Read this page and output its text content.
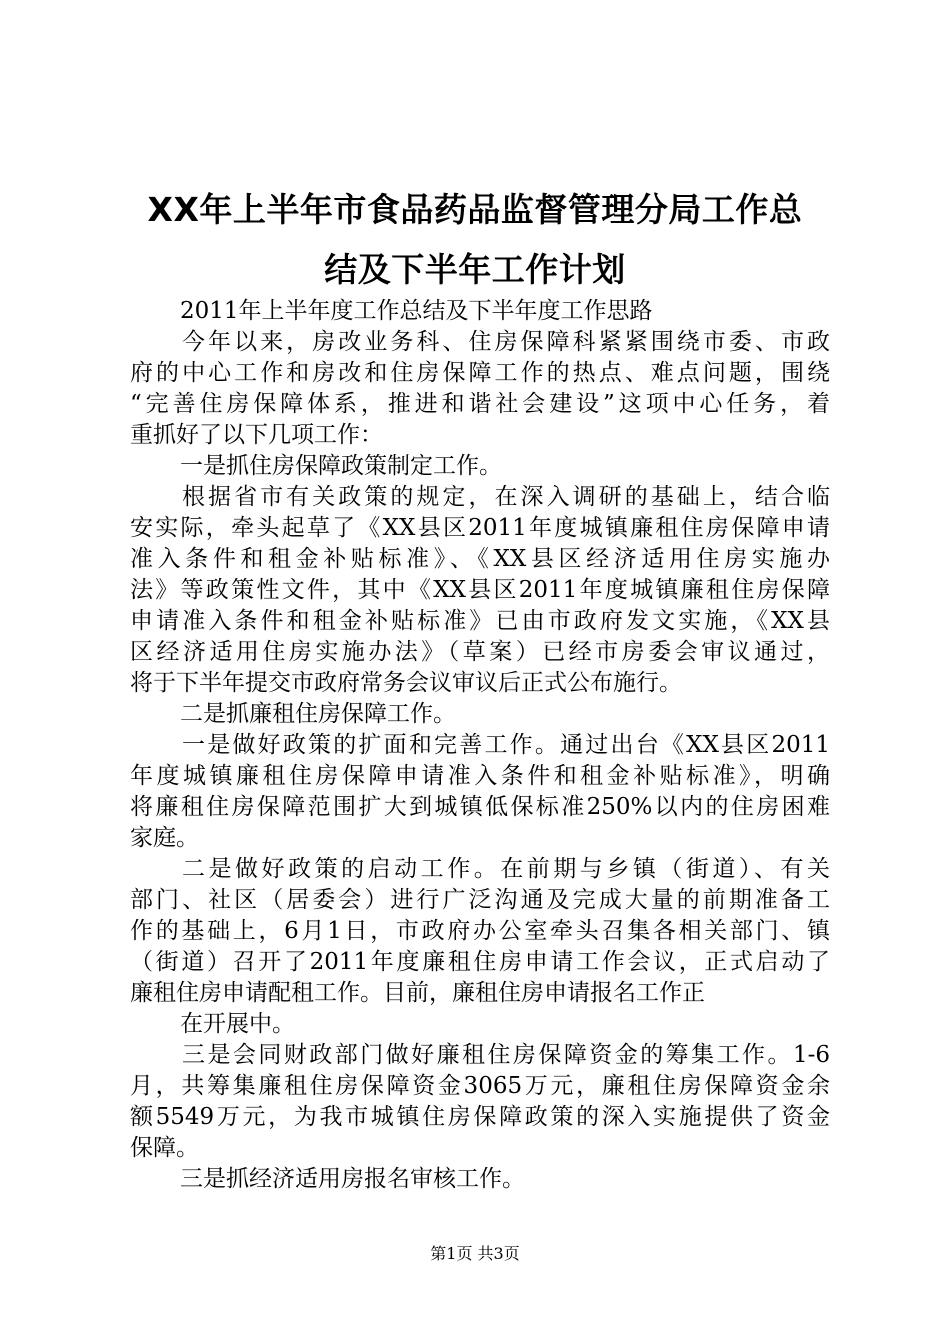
XX年上半年市食品药品监督管理分局工作总
结及下半年工作计划
2011年上半年度工作总结及下半年度工作思路
今年以来，房改业务科、住房保障科紧紧围绕市委、市政
府的中心工作和房改和住房保障工作的热点、难点问题，围绕
“完善住房保障体系，推进和谐社会建设”这项中心任务，着
重抓好了以下几项工作：
一是抓住房保障政策制定工作。
根据省市有关政策的规定，在深入调研的基础上，结合临
安实际，牵头起草了《XX县区2011年度城镇廉租住房保障申请
准入条件和租金补贴标准》、《XX县区经济适用住房实施办
法》等政策性文件，其中《XX县区2011年度城镇廉租住房保障
申请准入条件和租金补贴标准》已由市政府发文实施，《XX县
区经济适用住房实施办法》（草案）已经市房委会审议通过，
将于下半年提交市政府常务会议审议后正式公布施行。
二是抓廉租住房保障工作。
一是做好政策的扩面和完善工作。通过出台《XX县区2011
年度城镇廉租住房保障申请准入条件和租金补贴标准》，明确
将廉租住房保障范围扩大到城镇低保标准250%以内的住房困难
家庭。
二是做好政策的启动工作。在前期与乡镇（街道）、有关
部门、社区（居委会）进行广泛沟通及完成大量的前期准备工
作的基础上，6月1日，市政府办公室牵头召集各相关部门、镇
（街道）召开了2011年度廉租住房申请工作会议，正式启动了
廉租住房申请配租工作。目前，廉租住房申请报名工作正
在开展中。
三是会同财政部门做好廉租住房保障资金的筹集工作。1-6
月，共筹集廉租住房保障资金3065万元，廉租住房保障资金余
额5549万元，为我市城镇住房保障政策的深入实施提供了资金
保障。
三是抓经济适用房报名审核工作。
第1页 共3页
